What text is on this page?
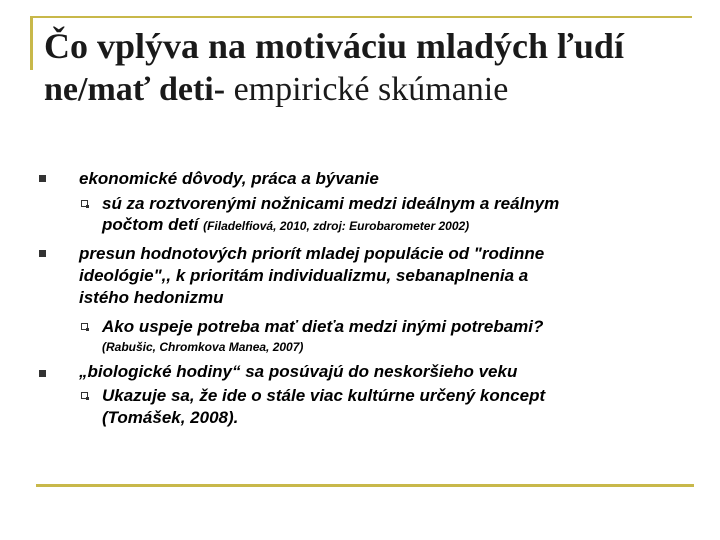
Čo vplýva na motiváciu mladých ľudí
ne/mať deti- empirické skúmanie
ekonomické dôvody, práca a bývanie
sú za roztvorenými nožnicami medzi ideálnym a reálnym
počtom detí (Filadelfiová, 2010, zdroj: Eurobarometer 2002)
presun hodnotových priorít mladej populácie od "rodinne
ideológie",, k prioritám individualizmu, sebanaplnenia a
istého hedonizmu
Ako uspeje potreba mať dieťa medzi inými potrebami?
(Rabušic, Chromkova Manea, 2007)
„biologické hodiny“ sa posúvajú do neskoršieho veku
Ukazuje sa, že ide o stále viac kultúrne určený koncept
(Tomášek, 2008).
